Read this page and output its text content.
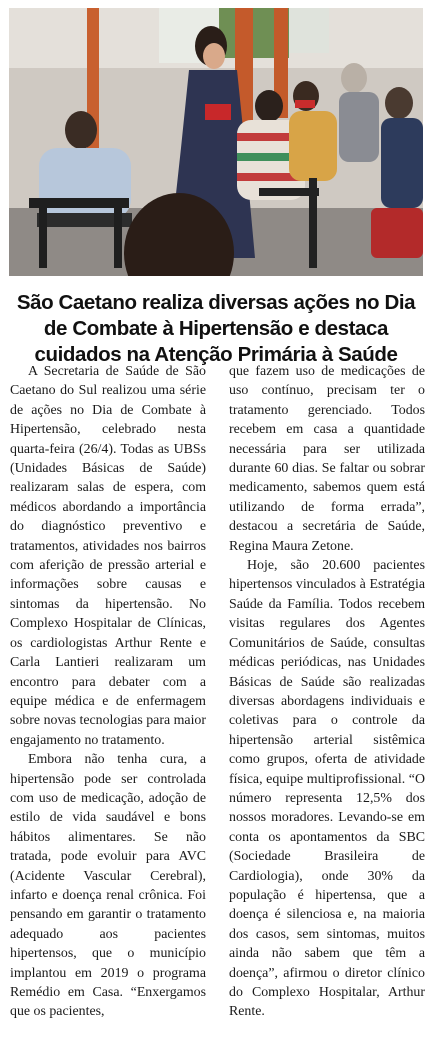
São Caetano realiza diversas ações no Dia de Combate à Hipertensão e destaca cuidados na Atenção Primária à Saúde

A Secretaria de Saúde de São Caetano do Sul realizou uma série de ações no Dia de Combate à Hipertensão, celebrado nesta quarta-feira (26/4). Todas as UBSs (Unidades Básicas de Saúde) realizaram salas de espera, com médicos abordando a importância do diagnóstico preventivo e tratamentos, atividades nos bairros com aferição de pressão arterial e informações sobre causas e sintomas da hipertensão. No Complexo Hospitalar de Clínicas, os cardiologistas Arthur Rente e Carla Lantieri realizaram um encontro para debater com a equipe médica e de enfermagem sobre novas tecnologias para maior engajamento no tratamento.

Embora não tenha cura, a hipertensão pode ser controlada com uso de medicação, adoção de estilo de vida saudável e bons hábitos alimentares. Se não tratada, pode evoluir para AVC (Acidente Vascular Cerebral), infarto e doença renal crônica. Foi pensando em garantir o tratamento adequado aos pacientes hipertensos, que o município implantou em 2019 o programa Remédio em Casa. “Enxergamos que os pacientes,

que fazem uso de medicações de uso contínuo, precisam ter o tratamento gerenciado. Todos recebem em casa a quantidade necessária para ser utilizada durante 60 dias. Se faltar ou sobrar medicamento, sabemos quem está utilizando de forma errada”, destacou a secretária de Saúde, Regina Maura Zetone.

Hoje, são 20.600 pacientes hipertensos vinculados à Estratégia Saúde da Família. Todos recebem visitas regulares dos Agentes Comunitários de Saúde, consultas médicas periódicas, nas Unidades Básicas de Saúde são realizadas diversas abordagens individuais e coletivas para o controle da hipertensão arterial sistêmica como grupos, oferta de atividade física, equipe multiprofissional. “O número representa 12,5% dos nossos moradores. Levando-se em conta os apontamentos da SBC (Sociedade Brasileira de Cardiologia), onde 30% da população é hipertensa, que a doença é silenciosa e, na maioria dos casos, sem sintomas, muitos ainda não sabem que têm a doença”, afirmou o diretor clínico do Complexo Hospitalar, Arthur Rente.
